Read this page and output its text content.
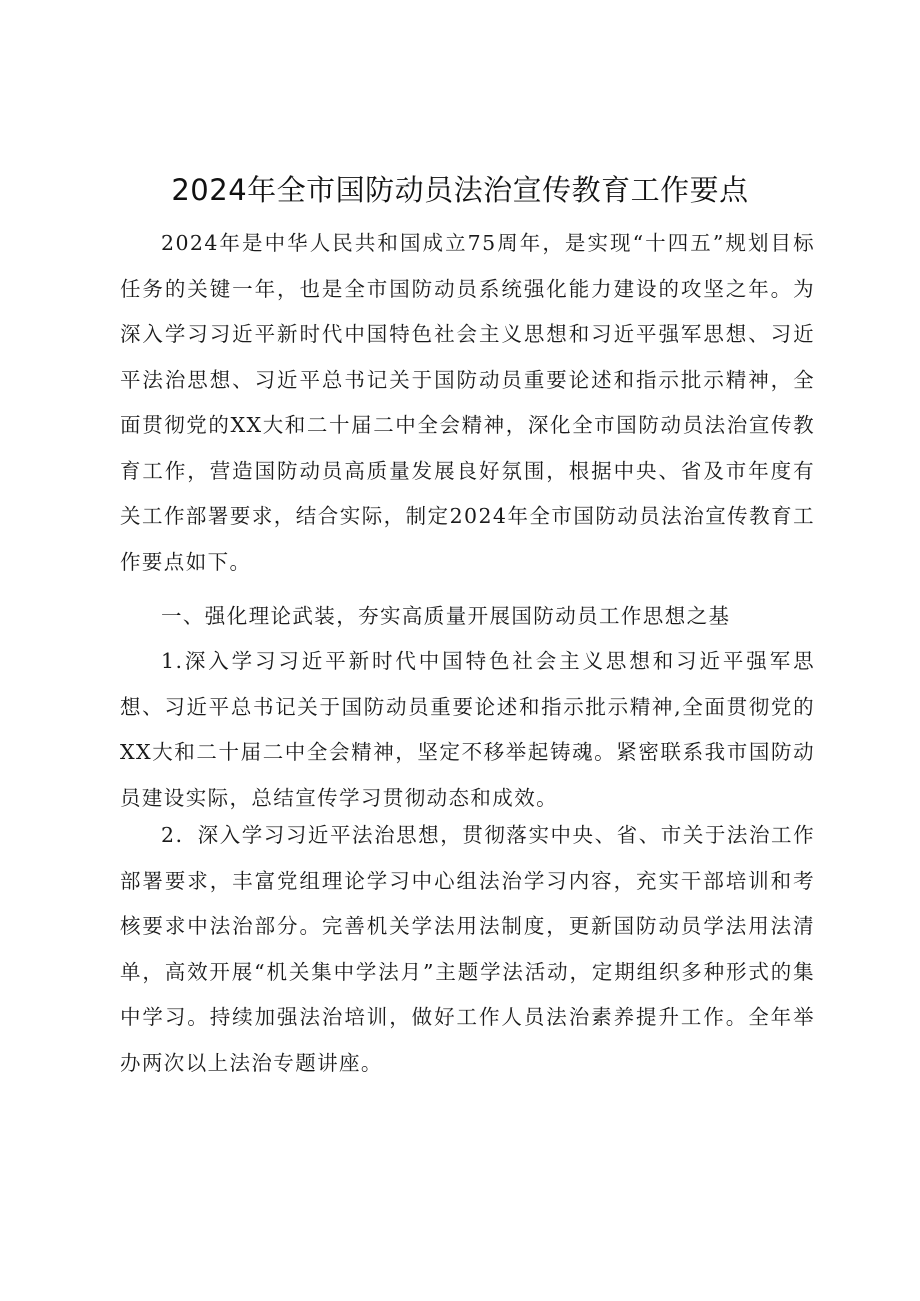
2024年全市国防动员法治宣传教育工作要点

2024年是中华人民共和国成立75周年，是实现“十四五”规划目标任务的关键一年，也是全市国防动员系统强化能力建设的攻坚之年。为深入学习习近平新时代中国特色社会主义思想和习近平强军思想、习近平法治思想、习近平总书记关于国防动员重要论述和指示批示精神，全面贯彻党的XX大和二十届二中全会精神，深化全市国防动员法治宣传教育工作，营造国防动员高质量发展良好氛围，根据中央、省及市年度有关工作部署要求，结合实际，制定2024年全市国防动员法治宣传教育工作要点如下。

一、强化理论武装，夯实高质量开展国防动员工作思想之基

1.深入学习习近平新时代中国特色社会主义思想和习近平强军思想、习近平总书记关于国防动员重要论述和指示批示精神,全面贯彻党的XX大和二十届二中全会精神，坚定不移举起铸魂。紧密联系我市国防动员建设实际，总结宣传学习贯彻动态和成效。

2．深入学习习近平法治思想，贯彻落实中央、省、市关于法治工作部署要求，丰富党组理论学习中心组法治学习内容，充实干部培训和考核要求中法治部分。完善机关学法用法制度，更新国防动员学法用法清单，高效开展“机关集中学法月”主题学法活动，定期组织多种形式的集中学习。持续加强法治培训，做好工作人员法治素养提升工作。全年举办两次以上法治专题讲座。
